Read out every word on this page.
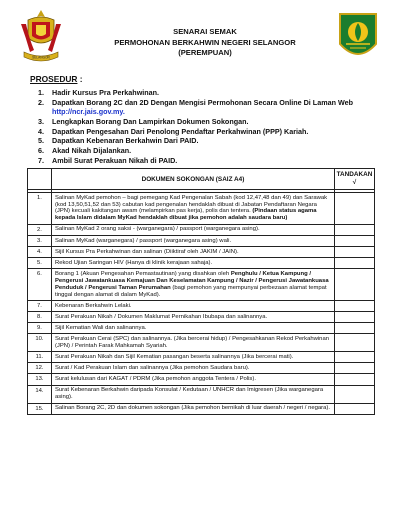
SELANGOR
SENARAI SEMAK
PERMOHONAN BERKAHWIN NEGERI SELANGOR
(PEREMPUAN)
PROSEDUR :
1.	Hadir Kursus Pra Perkahwinan.
2.	Dapatkan Borang 2C dan 2D Dengan Mengisi Permohonan Secara Online Di Laman Web http://ncr.jais.gov.my.
3.	Lengkapkan Borang Dan Lampirkan Dokumen Sokongan.
4.	Dapatkan Pengesahan Dari Penolong Pendaftar Perkahwinan (PPP) Kariah.
5.	Dapatkan Kebenaran Berkahwin Dari PAID.
6.	Akad Nikah Dijalankan.
7.	Ambil Surat Perakuan Nikah di PAID.
	DOKUMEN SOKONGAN (SAIZ A4)	TANDAKAN
√

1.	Salinan MyKad pemohon – bagi pemegang Kad Pengenalan Sabah (kod 12,47,48 dan 49) dan Sarawak (kod 13,50,51,52 dan 53) cabutan kad pengenalan hendaklah dibuat di Jabatan Pendaftaran Negara (JPN) kecuali kakitangan awam (melampirkan pas kerja), polis dan tentera. (Pindaan status agama kepada Islam didalam MyKad hendaklah dibuat jika pemohon adalah saudara baru)	
2.	Salinan MyKad 2 orang saksi - (warganegara) / passport (warganegara asing).	
3.	Salinan MyKad (warganegara) / passport (warganegara asing) wali.	
4.	Sijil Kursus Pra Perkahwinan dan salinan (Diiktiraf oleh JAKIM / JAIN).	
5.	Rekod Ujian Saringan HIV (Hanya di klinik kerajaan sahaja).	
6.	Borang 1 (Akuan Pengesahan Pemastautinan) yang disahkan oleh Penghulu / Ketua Kampung / Pengerusi Jawatankuasa Kemajuan Dan Keselamatan Kampung / Nazir / Pengerusi Jawatankuasa Penduduk / Pengerusi Taman Perumahan (bagi pemohon yang mempunyai perbezaan alamat tempat tinggal dengan alamat di dalam MyKad).	
7.	Kebenaran Berkahwin Lelaki.	
8.	Surat Perakuan Nikah / Dokumen Maklumat Pernikahan Ibubapa dan salinannya.	
9.	Sijil Kematian Wali dan salinannya.	
10.	Surat Perakuan Cerai (SPC) dan salinannya. (Jika bercerai hidup) / Pengesahkanan Rekod Perkahwinan (JPN) / Perintah Farak Mahkamah Syariah.	
11.	Surat Perakuan Nikah dan Sijil Kematian pasangan beserta salinannya (Jika bercerai mati).	
12.	Surat / Kad Perakuan Islam dan salinannya (Jika pemohon Saudara baru).	
13.	Surat kelulusan dari KAGAT / PDRM (Jika pemohon anggota Tentera / Polis).	
14.	Surat Kebenaran Berkahwin daripada Konsulat / Kedutaan / UNHCR dan Imigresen (Jika warganegara asing).	
15.	Salinan Borang 2C, 2D dan dokumen sokongan (Jika pemohon bernikah di luar daerah / negeri / negara).	
